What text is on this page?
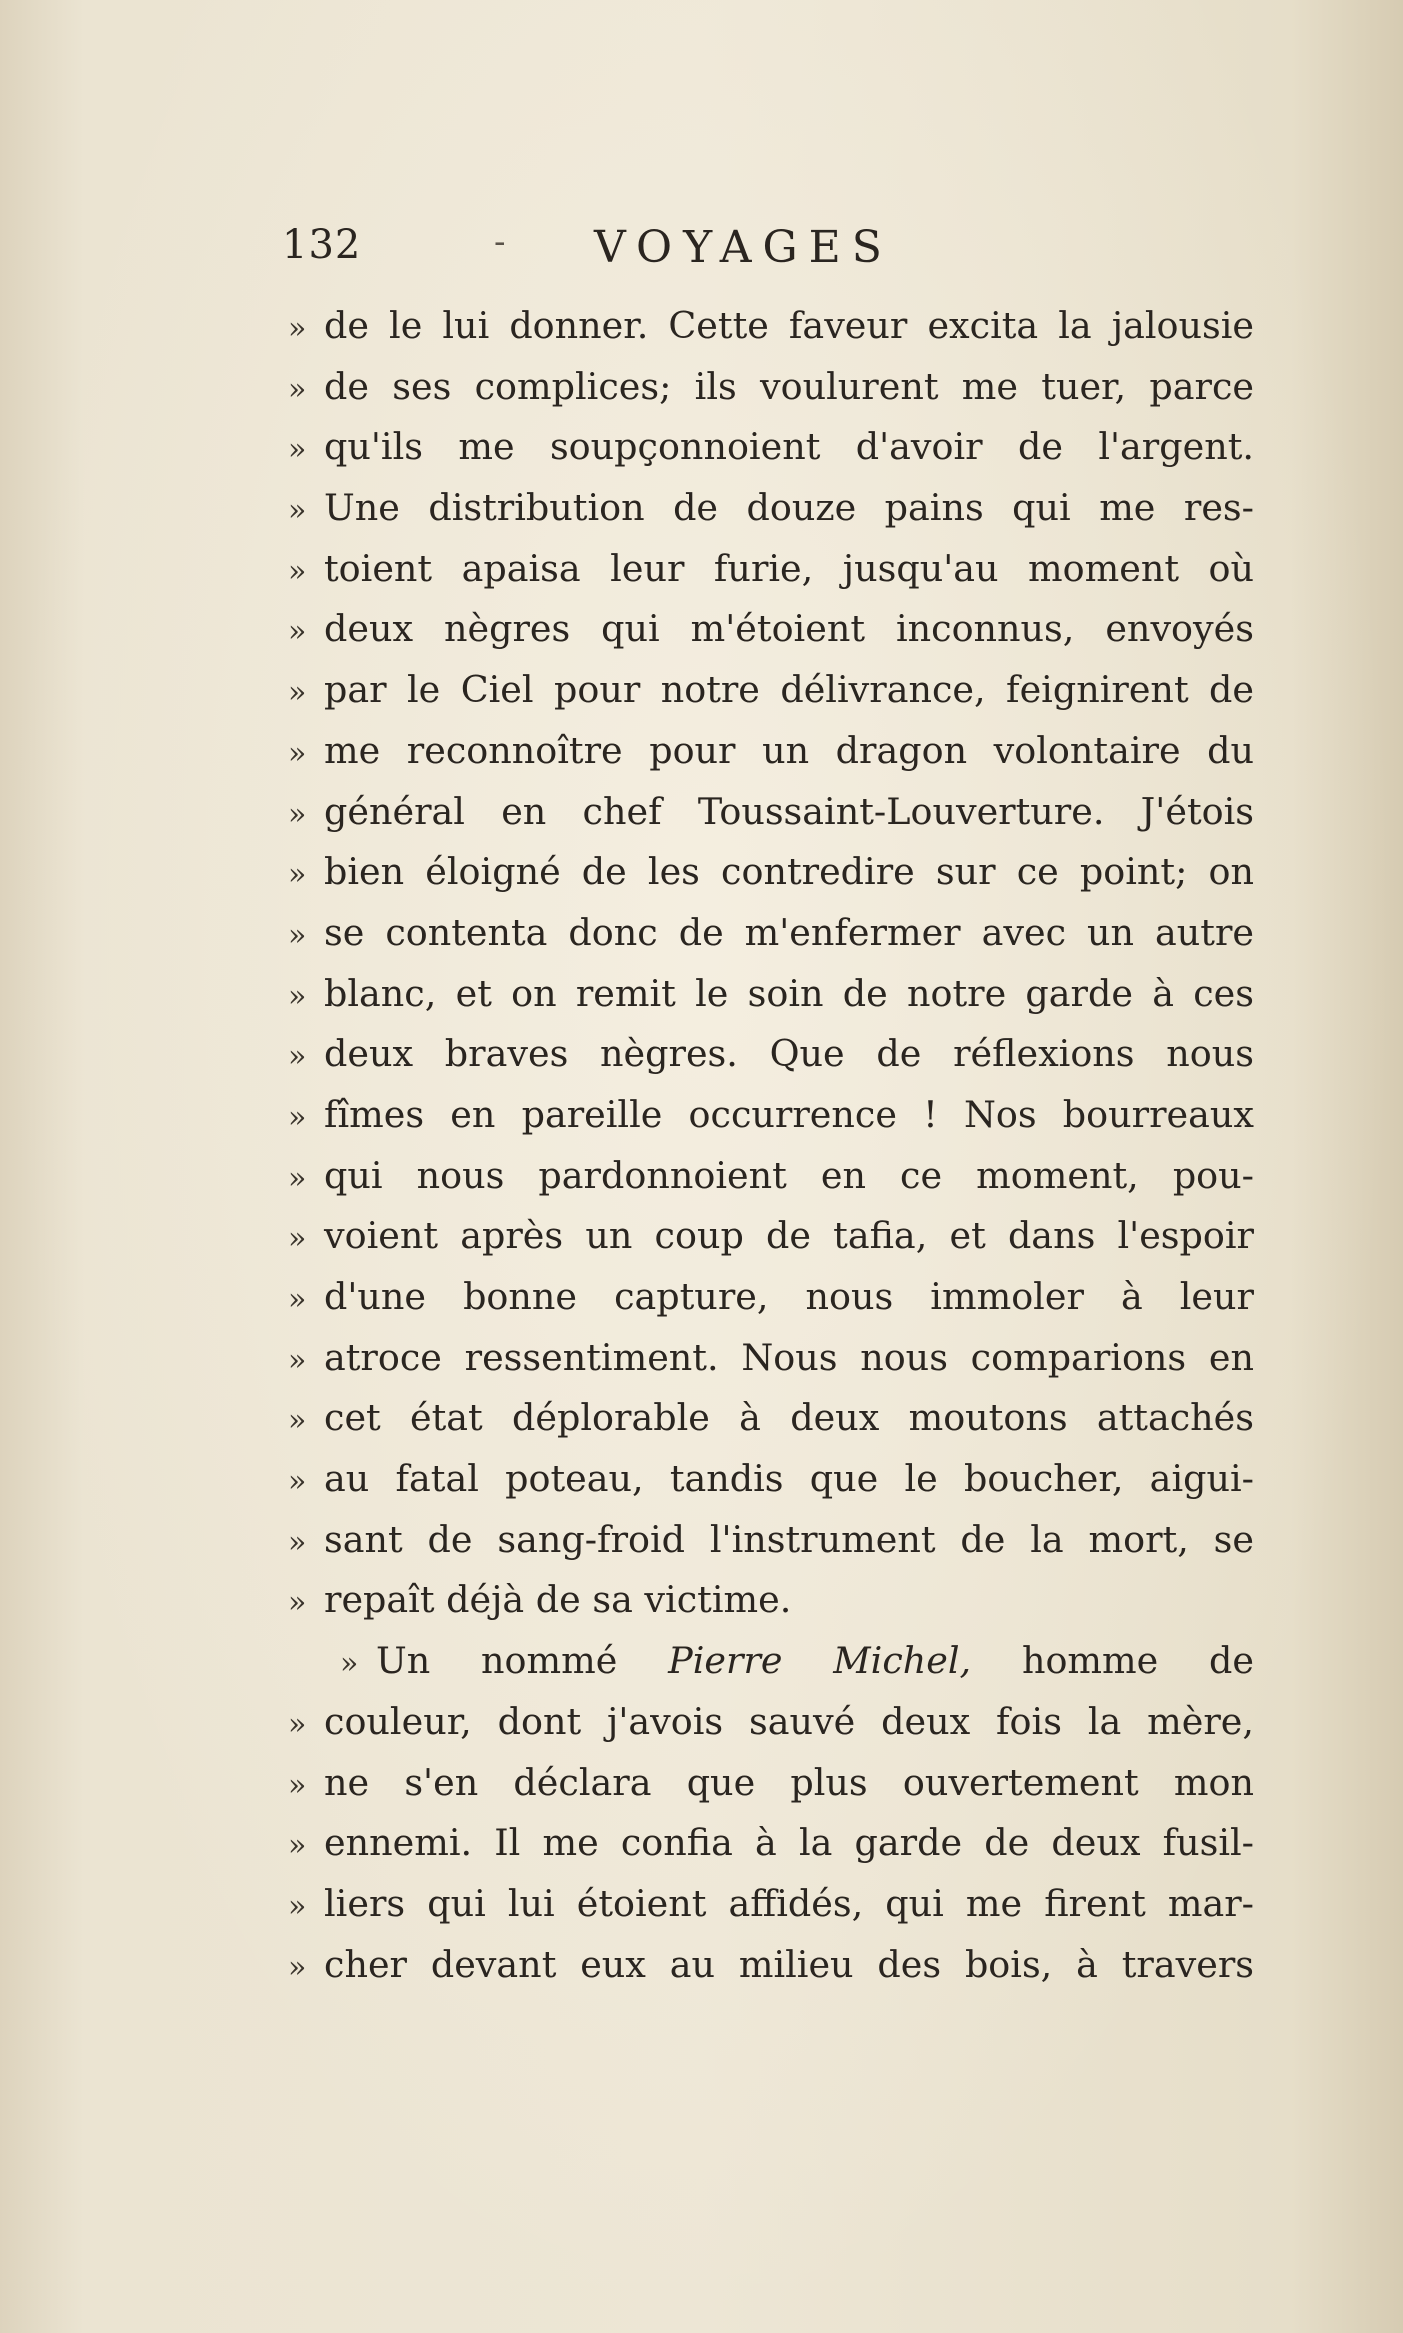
132	- VOYAGES
» de le lui donner. Cette faveur excita la jalousie
» de ses complices; ils voulurent me tuer, parce
» qu'ils me soupçonnoient d'avoir de l'argent.
» Une distribution de douze pains qui me res-
» toient apaisa leur furie, jusqu'au moment où
» deux nègres qui m'étoient inconnus, envoyés
» par le Ciel pour notre délivrance, feignirent de
» me reconnoître pour un dragon volontaire du
» général en chef Toussaint-Louverture. J'étois
» bien éloigné de les contredire sur ce point; on
» se contenta donc de m'enfermer avec un autre
» blanc, et on remit le soin de notre garde à ces
» deux braves nègres. Que de réflexions nous
» fîmes en pareille occurrence ! Nos bourreaux
» qui nous pardonnoient en ce moment, pou-
» voient après un coup de tafia, et dans l'espoir
» d'une bonne capture, nous immoler à leur
» atroce ressentiment. Nous nous comparions en
» cet état déplorable à deux moutons attachés
» au fatal poteau, tandis que le boucher, aigui-
» sant de sang-froid l'instrument de la mort, se
» repaît déjà de sa victime.
» Un nommé Pierre Michel, homme de
» couleur, dont j'avois sauvé deux fois la mère,
» ne s'en déclara que plus ouvertement mon
» ennemi. Il me confia à la garde de deux fusil-
» liers qui lui étoient affidés, qui me firent mar-
» cher devant eux au milieu des bois, à travers
